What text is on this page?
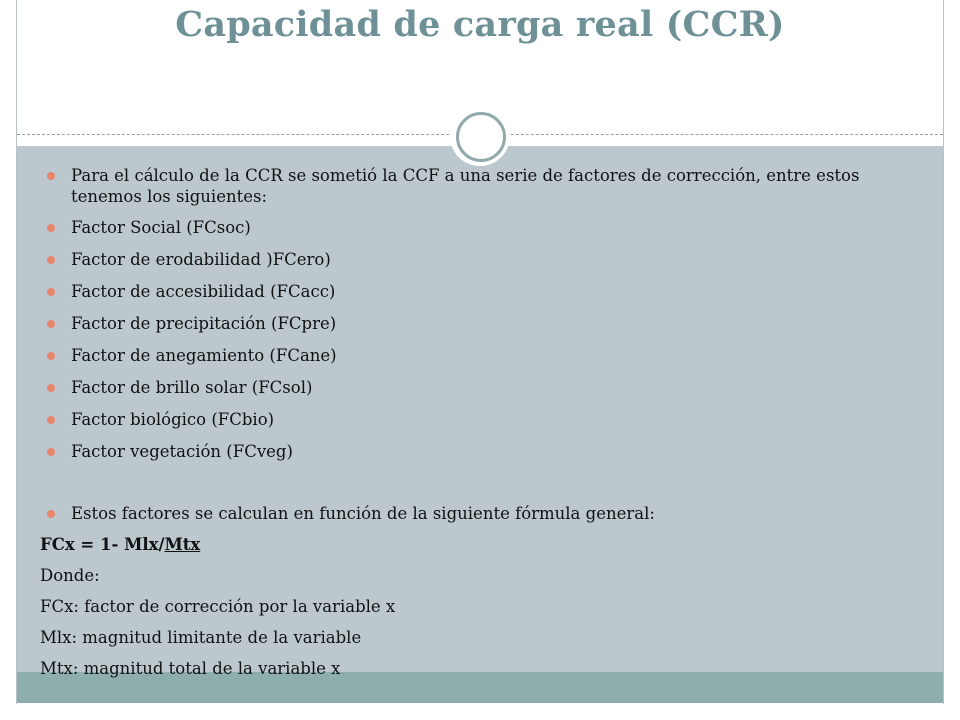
Capacidad de carga real (CCR)

Para el cálculo de la CCR se sometió la CCF a una serie de factores de corrección, entre estos tenemos los siguientes:

Factor Social (FCsoc)

Factor de erodabilidad )FCero)

Factor de accesibilidad (FCacc)

Factor de precipitación (FCpre)

Factor de anegamiento (FCane)

Factor de brillo solar (FCsol)

Factor biológico (FCbio)

Factor vegetación (FCveg)

Estos factores se calculan en función de la siguiente fórmula general:

FCx = 1- Mlx/Mtx

Donde:

FCx: factor de corrección por la variable x

Mlx: magnitud limitante de la variable

Mtx: magnitud total de la variable x
